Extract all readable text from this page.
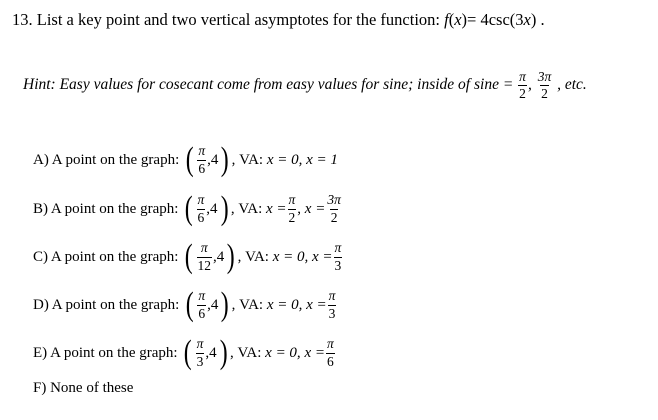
13. List a key point and two vertical asymptotes for the function: f(x)= 4csc(3x) .
Hint: Easy values for cosecant come from easy values for sine; inside of $\sin e = \frac{\pi}{2}$ , $\frac{3\pi}{2}$ , etc.
A) A point on the graph:
( $\frac{\pi}{6} ,4$ ) , VA:
x = 0,
x = 1
B) A point on the graph:
( $\frac{\pi}{6} ,4$ ) , VA:
$x = \frac{\pi}{2}$ ,
$x = \frac{3\pi}{2}$
C) A point on the graph:
( $\frac{\pi}{12} ,4$ ) , VA:
x = 0,
$x = \frac{\pi}{3}$
D) A point on the graph:
( $\frac{\pi}{6} ,4$ ) , VA:
x = 0,
$x = \frac{\pi}{3}$
E) A point on the graph:
( $\frac{\pi}{3} ,4$ ) , VA:
x = 0,
$x = \frac{\pi}{6}$
F) None of these
